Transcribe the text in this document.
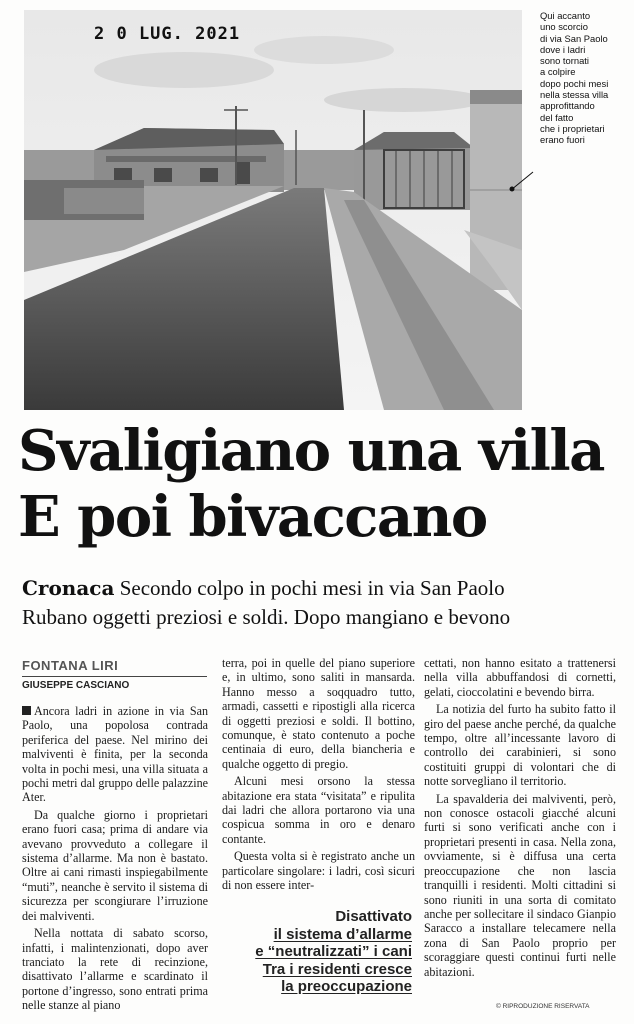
2 0 LUG. 2021
Qui accanto
uno scorcio
di via San Paolo
dove i ladri
sono tornati
a colpire
dopo pochi mesi
nella stessa villa
approfittando
del fatto
che i proprietari
erano fuori
Svaligiano una villa
E poi bivaccano
Cronaca Secondo colpo in pochi mesi in via San Paolo
Rubano oggetti preziosi e soldi. Dopo mangiano e bevono
FONTANA LIRI
GIUSEPPE CASCIANO

Ancora ladri in azione in via San Paolo, una popolosa contrada periferica del paese. Nel mirino dei malviventi è finita, per la seconda volta in pochi mesi, una villa situata a pochi metri dal gruppo delle palazzine Ater.

Da qualche giorno i proprietari erano fuori casa; prima di andare via avevano provveduto a collegare il sistema d’allarme. Ma non è bastato. Oltre ai cani rimasti inspiegabilmente “muti”, neanche è servito il sistema di sicurezza per scongiurare l’irruzione dei malviventi.

Nella nottata di sabato scorso, infatti, i malintenzionati, dopo aver tranciato la rete di recinzione, disattivato l’allarme e scardinato il portone d’ingresso, sono entrati prima nelle stanze al piano

terra, poi in quelle del piano superiore e, in ultimo, sono saliti in mansarda. Hanno messo a soqquadro tutto, armadi, cassetti e ripostigli alla ricerca di oggetti preziosi e soldi. Il bottino, comunque, è stato contenuto a poche centinaia di euro, della biancheria e qualche oggetto di pregio.

Alcuni mesi orsono la stessa abitazione era stata “visitata” e ripulita dai ladri che allora portarono via una cospicua somma in oro e denaro contante.

Questa volta si è registrato anche un particolare singolare: i ladri, così sicuri di non essere inter-

cettati, non hanno esitato a trattenersi nella villa abbuffandosi di cornetti, gelati, cioccolatini e bevendo birra.

La notizia del furto ha subito fatto il giro del paese anche perché, da qualche tempo, oltre all’incessante lavoro di controllo dei carabinieri, si sono costituiti gruppi di volontari che di notte sorvegliano il territorio.

La spavalderia dei malviventi, però, non conosce ostacoli giacché alcuni furti si sono verificati anche con i proprietari presenti in casa. Nella zona, ovviamente, si è diffusa una certa preoccupazione che non lascia tranquilli i residenti. Molti cittadini si sono riuniti in una sorta di comitato anche per sollecitare il sindaco Gianpio Saracco a installare telecamere nella zona di San Paolo proprio per scoraggiare questi continui furti nelle abitazioni.

Disattivato
il sistema d’allarme
e “neutralizzati” i cani
Tra i residenti cresce
la preoccupazione
© RIPRODUZIONE RISERVATA
